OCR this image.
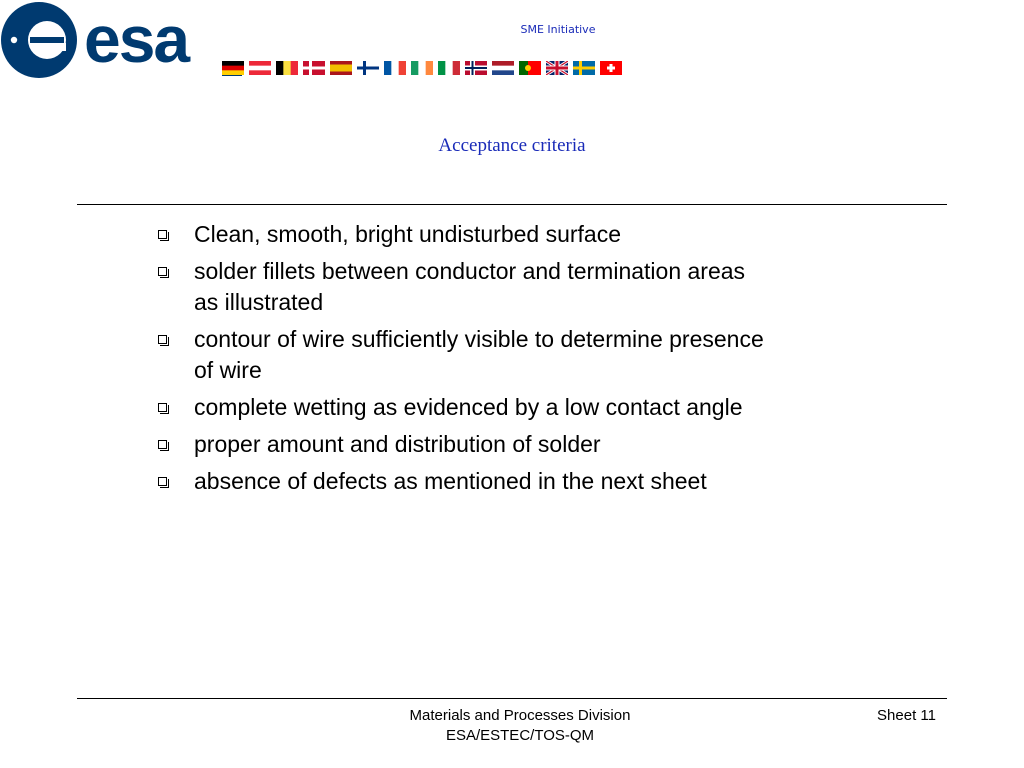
esa	SME Initiative
Acceptance criteria
Clean, smooth, bright undisturbed surface
solder fillets between conductor and termination areas as illustrated
contour of wire sufficiently visible to determine presence of wire
complete wetting as evidenced by a low contact angle
proper amount and distribution of solder
absence of defects as mentioned in the next sheet
Materials and Processes Division
ESA/ESTEC/TOS-QM
Sheet 11
